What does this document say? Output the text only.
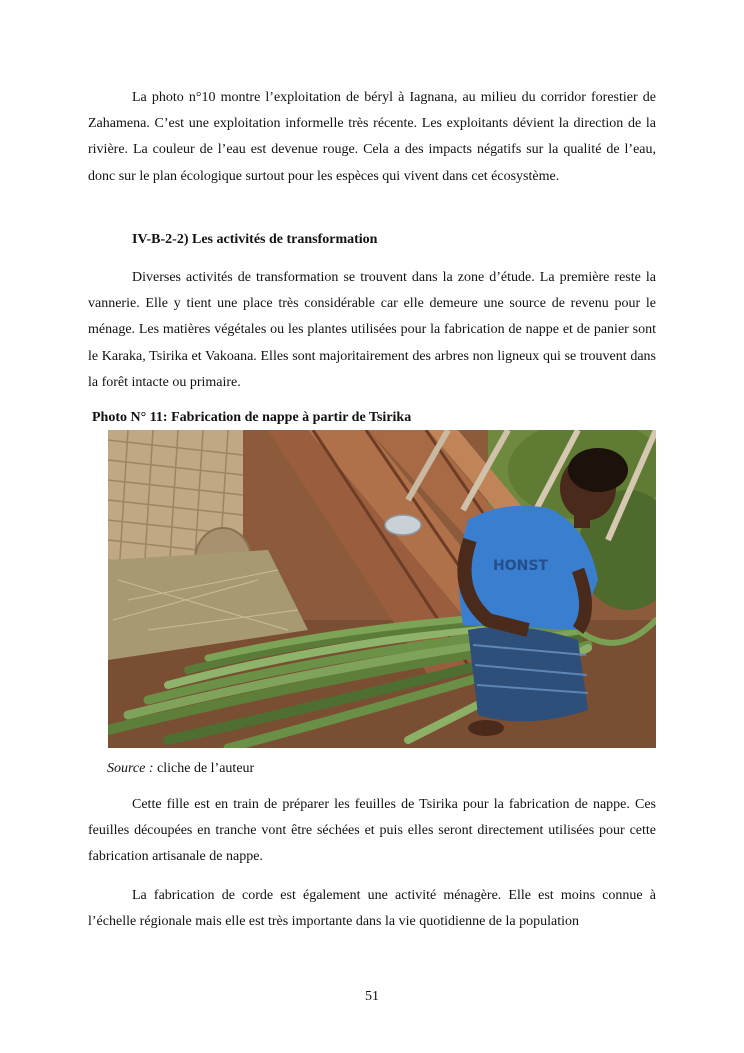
La photo n°10 montre l’exploitation de béryl à Iagnana, au milieu du corridor forestier de Zahamena. C’est une exploitation informelle très récente. Les exploitants dévient la direction de la rivière. La couleur de l’eau est devenue rouge. Cela a des impacts négatifs sur la qualité de l’eau, donc sur le plan écologique surtout pour les espèces qui vivent dans cet écosystème.

IV-B-2-2) Les activités de transformation

Diverses activités de transformation se trouvent dans la zone d’étude. La première reste la vannerie. Elle y tient une place très considérable car elle demeure une source de revenu pour le ménage. Les matières végétales ou les plantes utilisées pour la fabrication de nappe et de panier sont le Karaka, Tsirika et Vakoana. Elles sont majoritairement des arbres non ligneux qui se trouvent dans la forêt intacte ou primaire.

Photo N° 11: Fabrication de nappe à partir de Tsirika

HONST

Source : cliche de l’auteur

Cette fille est en train de préparer les feuilles de Tsirika pour la fabrication de nappe. Ces feuilles découpées en tranche vont être séchées et puis elles seront directement utilisées pour cette fabrication artisanale de nappe.

La fabrication de corde est également une activité ménagère. Elle est moins connue à l’échelle régionale mais elle est très importante dans la vie quotidienne de la population

51
